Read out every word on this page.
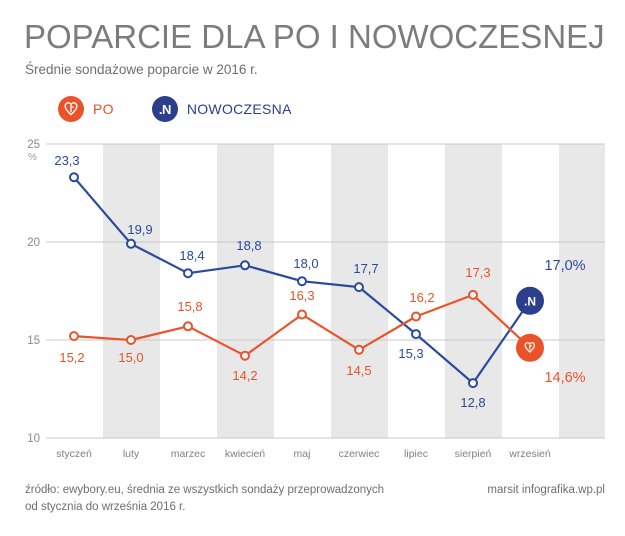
POPARCIE DLA PO I NOWOCZESNEJ
Średnie sondażowe poparcie w 2016 r.
PO	.N NOWOCZESNA
%
25
20
15
10
styczeń	luty	marzec kwiecień	maj	czerwiec lipiec	sierpień wrzesień
.N
23,3
19,9
18,4
18,8
18,0	17,7
15,3
12,8
17,0%
15,2	15,0
15,8
14,2
16,3
14,5
16,2
17,3
14,6%
źródło: ewybory.eu, średnia ze wszystkich sondaży przeprowadzonych
od stycznia do września 2016 r.
marsit infografika.wp.pl
